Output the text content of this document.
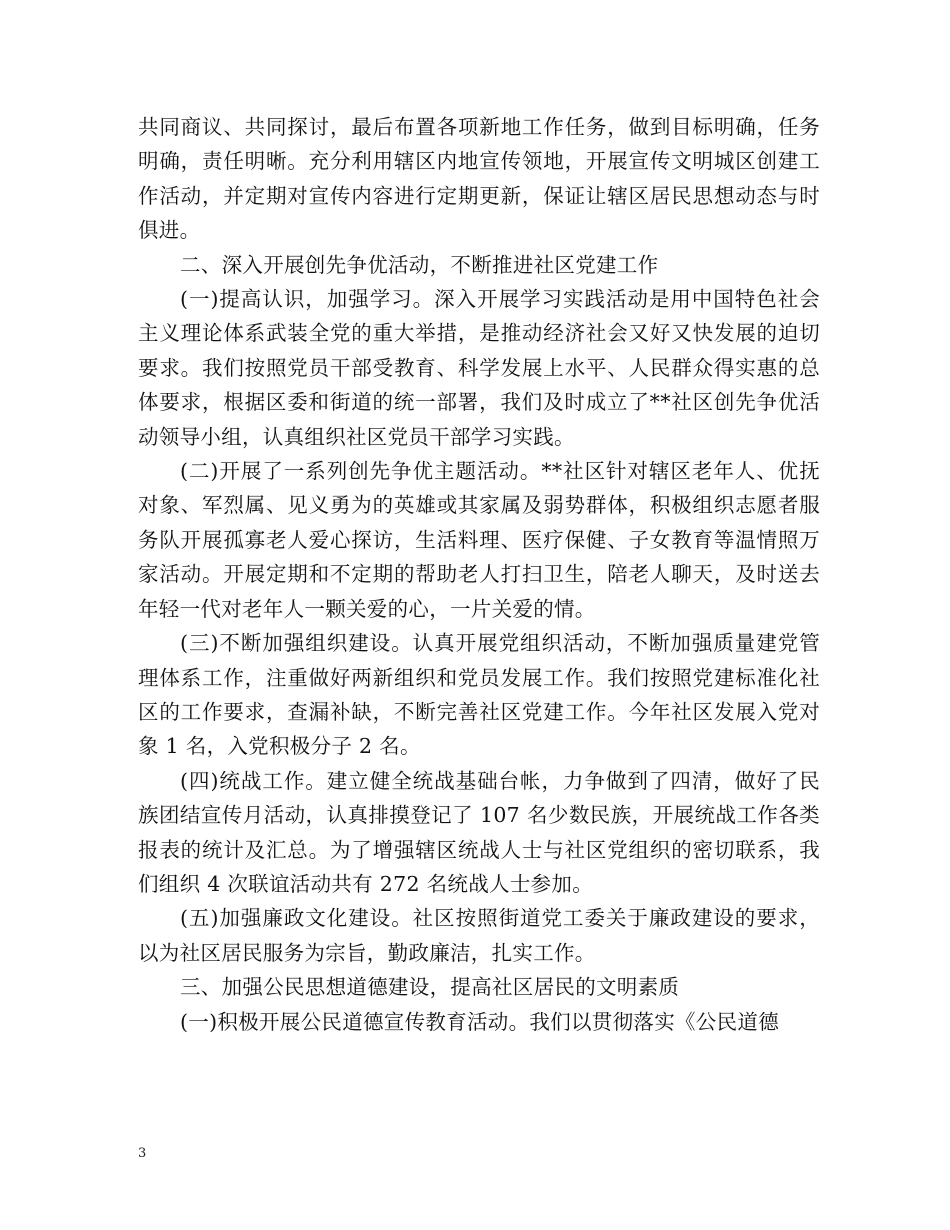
共同商议、共同探讨，最后布置各项新地工作任务，做到目标明确，任务明确，责任明晰。充分利用辖区内地宣传领地，开展宣传文明城区创建工作活动，并定期对宣传内容进行定期更新，保证让辖区居民思想动态与时俱进。

二、深入开展创先争优活动，不断推进社区党建工作

(一)提高认识，加强学习。深入开展学习实践活动是用中国特色社会主义理论体系武装全党的重大举措，是推动经济社会又好又快发展的迫切要求。我们按照党员干部受教育、科学发展上水平、人民群众得实惠的总体要求，根据区委和街道的统一部署，我们及时成立了**社区创先争优活动领导小组，认真组织社区党员干部学习实践。

(二)开展了一系列创先争优主题活动。**社区针对辖区老年人、优抚对象、军烈属、见义勇为的英雄或其家属及弱势群体，积极组织志愿者服务队开展孤寡老人爱心探访，生活料理、医疗保健、子女教育等温情照万家活动。开展定期和不定期的帮助老人打扫卫生，陪老人聊天，及时送去年轻一代对老年人一颗关爱的心，一片关爱的情。

(三)不断加强组织建设。认真开展党组织活动，不断加强质量建党管理体系工作，注重做好两新组织和党员发展工作。我们按照党建标准化社区的工作要求，查漏补缺，不断完善社区党建工作。今年社区发展入党对象 1 名，入党积极分子 2 名。

(四)统战工作。建立健全统战基础台帐，力争做到了四清，做好了民族团结宣传月活动，认真排摸登记了 107 名少数民族，开展统战工作各类报表的统计及汇总。为了增强辖区统战人士与社区党组织的密切联系，我们组织 4 次联谊活动共有 272 名统战人士参加。

(五)加强廉政文化建设。社区按照街道党工委关于廉政建设的要求，以为社区居民服务为宗旨，勤政廉洁，扎实工作。

三、加强公民思想道德建设，提高社区居民的文明素质

(一)积极开展公民道德宣传教育活动。我们以贯彻落实《公民道德

3
